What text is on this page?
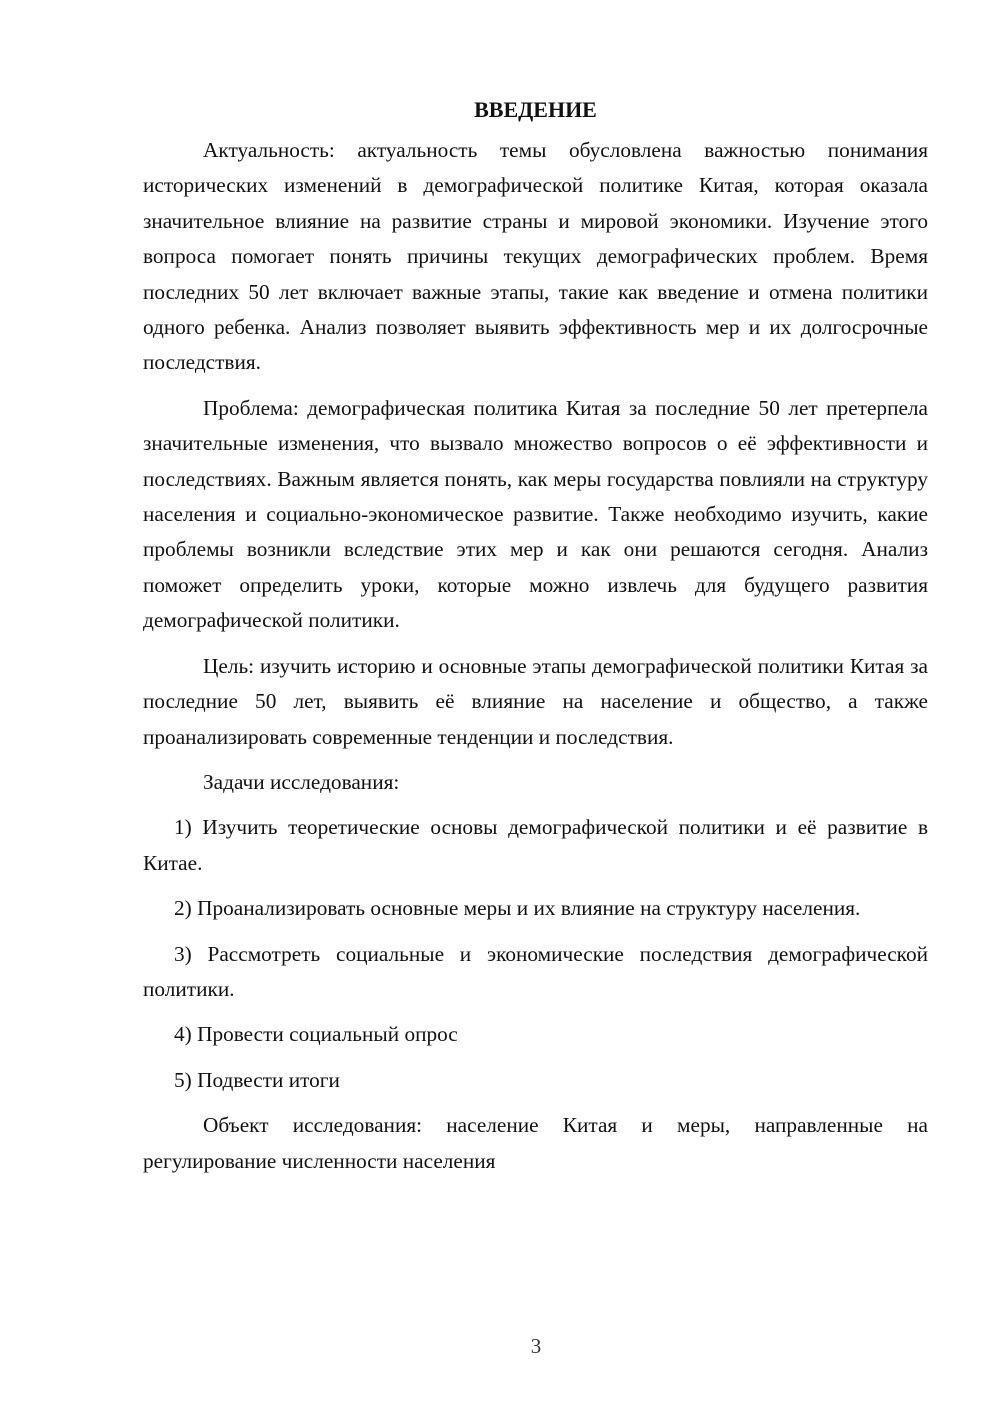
ВВЕДЕНИЕ

Актуальность: актуальность темы обусловлена важностью понимания исторических изменений в демографической политике Китая, которая оказала значительное влияние на развитие страны и мировой экономики. Изучение этого вопроса помогает понять причины текущих демографических проблем. Время последних 50 лет включает важные этапы, такие как введение и отмена политики одного ребенка. Анализ позволяет выявить эффективность мер и их долгосрочные последствия.

Проблема: демографическая политика Китая за последние 50 лет претерпела значительные изменения, что вызвало множество вопросов о её эффективности и последствиях. Важным является понять, как меры государства повлияли на структуру населения и социально-экономическое развитие. Также необходимо изучить, какие проблемы возникли вследствие этих мер и как они решаются сегодня. Анализ поможет определить уроки, которые можно извлечь для будущего развития демографической политики.

Цель: изучить историю и основные этапы демографической политики Китая за последние 50 лет, выявить её влияние на население и общество, а также проанализировать современные тенденции и последствия.

Задачи исследования:

1) Изучить теоретические основы демографической политики и её развитие в Китае.

2) Проанализировать основные меры и их влияние на структуру населения.

3) Рассмотреть социальные и экономические последствия демографической политики.

4) Провести социальный опрос

5) Подвести итоги

Объект исследования: население Китая и меры, направленные на регулирование численности населения

3
